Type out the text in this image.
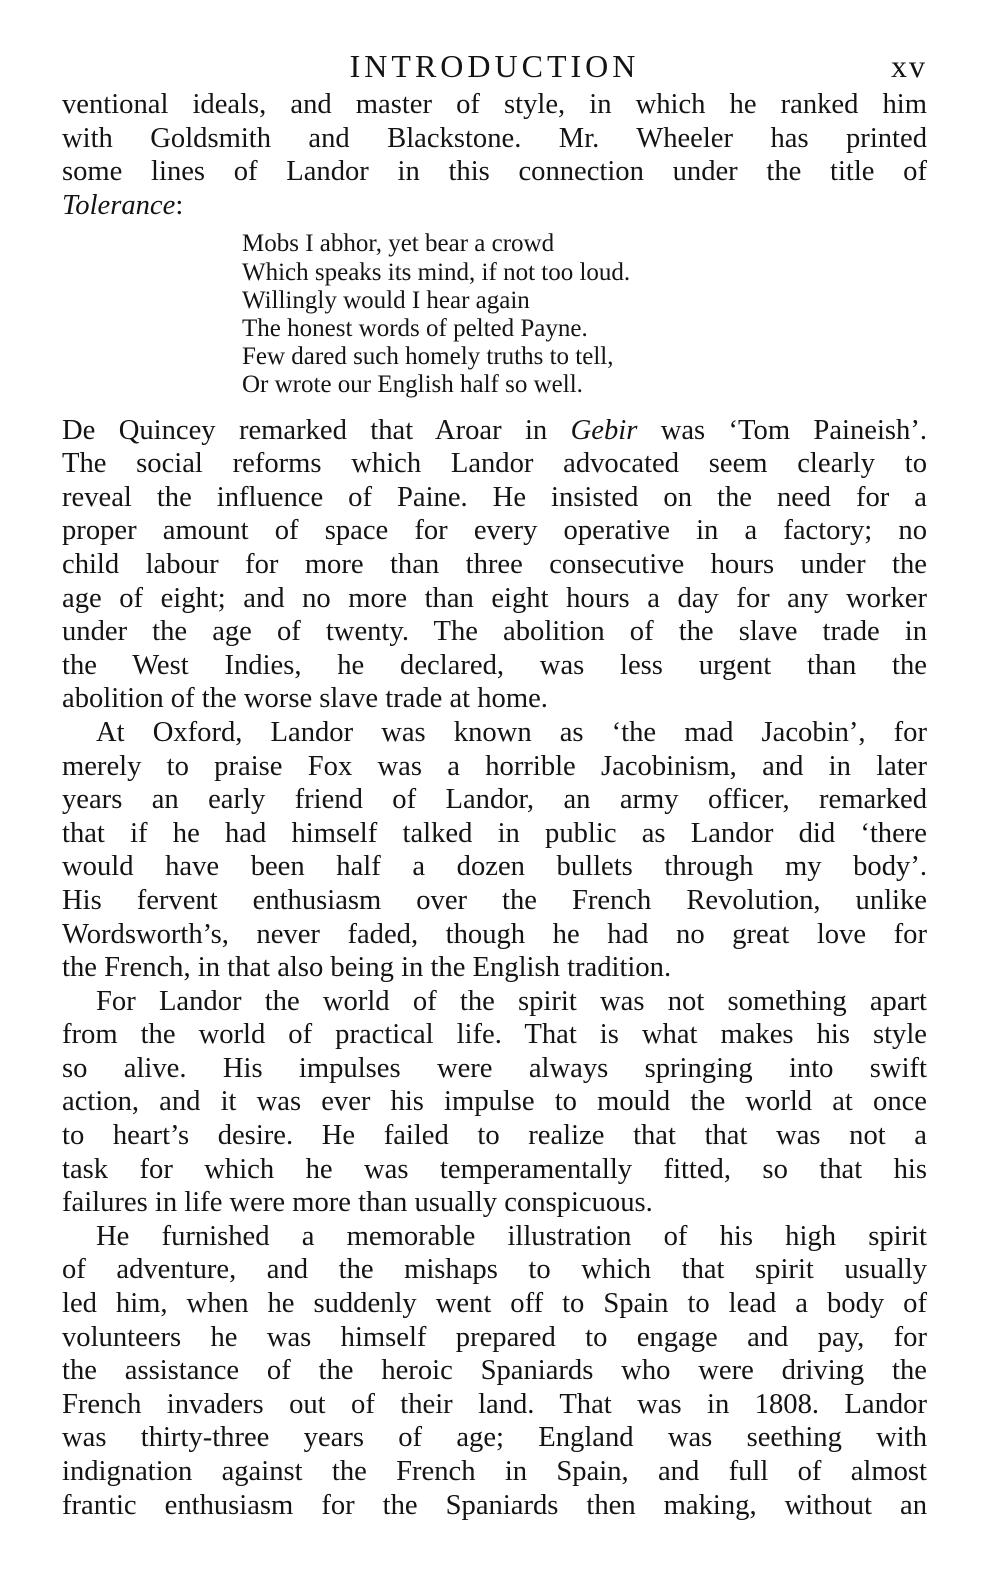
INTRODUCTION	xv

ventional ideals, and master of style, in which he ranked him
with Goldsmith and Blackstone. Mr. Wheeler has printed
some lines of Landor in this connection under the title of
Tolerance:

Mobs I abhor, yet bear a crowd
Which speaks its mind, if not too loud.
Willingly would I hear again
The honest words of pelted Payne.
Few dared such homely truths to tell,
Or wrote our English half so well.

De Quincey remarked that Aroar in Gebir was ‘Tom Paineish’.
The social reforms which Landor advocated seem clearly to
reveal the influence of Paine. He insisted on the need for a
proper amount of space for every operative in a factory; no
child labour for more than three consecutive hours under the
age of eight; and no more than eight hours a day for any worker
under the age of twenty. The abolition of the slave trade in
the West Indies, he declared, was less urgent than the
abolition of the worse slave trade at home.

At Oxford, Landor was known as ‘the mad Jacobin’, for

merely to praise Fox was a horrible Jacobinism, and in later
years an early friend of Landor, an army officer, remarked
that if he had himself talked in public as Landor did ‘there
would have been half a dozen bullets through my body’.
His fervent enthusiasm over the French Revolution, unlike
Wordsworth’s, never faded, though he had no great love for
the French, in that also being in the English tradition.

For Landor the world of the spirit was not something apart

from the world of practical life. That is what makes his style
so alive. His impulses were always springing into swift
action, and it was ever his impulse to mould the world at once
to heart’s desire. He failed to realize that that was not a
task for which he was temperamentally fitted, so that his
failures in life were more than usually conspicuous.

He furnished a memorable illustration of his high spirit

of adventure, and the mishaps to which that spirit usually
led him, when he suddenly went off to Spain to lead a body of
volunteers he was himself prepared to engage and pay, for
the assistance of the heroic Spaniards who were driving the
French invaders out of their land. That was in 1808. Landor
was thirty-three years of age; England was seething with
indignation against the French in Spain, and full of almost
frantic enthusiasm for the Spaniards then making, without an
